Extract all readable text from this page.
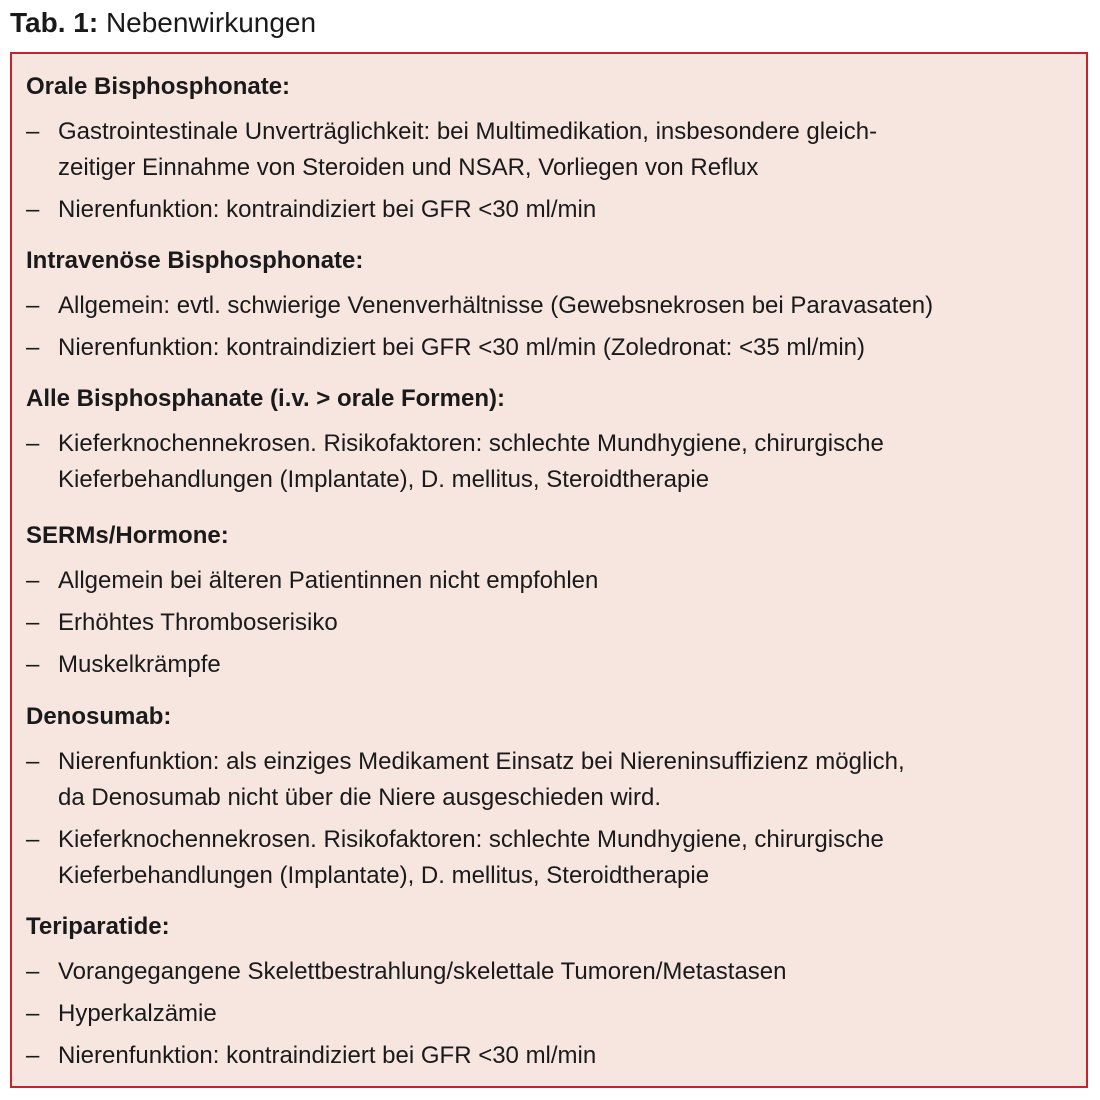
Tab. 1: Nebenwirkungen
Orale Bisphosphonate:
– Gastrointestinale Unverträglichkeit: bei Multimedikation, insbesondere gleich-
zeitiger Einnahme von Steroiden und NSAR, Vorliegen von Reflux
– Nierenfunktion: kontraindiziert bei GFR <30 ml/min
Intravenöse Bisphosphonate:
– Allgemein: evtl. schwierige Venenverhältnisse (Gewebsnekrosen bei Paravasaten)
– Nierenfunktion: kontraindiziert bei GFR <30 ml/min (Zoledronat: <35 ml/min)
Alle Bisphosphanate (i.v. > orale Formen):
– Kieferknochennekrosen. Risikofaktoren: schlechte Mundhygiene, chirurgische
Kieferbehandlungen (Implantate), D. mellitus, Steroidtherapie
SERMs/Hormone:
– Allgemein bei älteren Patientinnen nicht empfohlen
– Erhöhtes Thromboserisiko
– Muskelkrämpfe
Denosumab:
– Nierenfunktion: als einziges Medikament Einsatz bei Niereninsuffizienz möglich,
da Denosumab nicht über die Niere ausgeschieden wird.
– Kieferknochennekrosen. Risikofaktoren: schlechte Mundhygiene, chirurgische
Kieferbehandlungen (Implantate), D. mellitus, Steroidtherapie
Teriparatide:
– Vorangegangene Skelettbestrahlung/skelettale Tumoren/Metastasen
– Hyperkalzämie
– Nierenfunktion: kontraindiziert bei GFR <30 ml/min
